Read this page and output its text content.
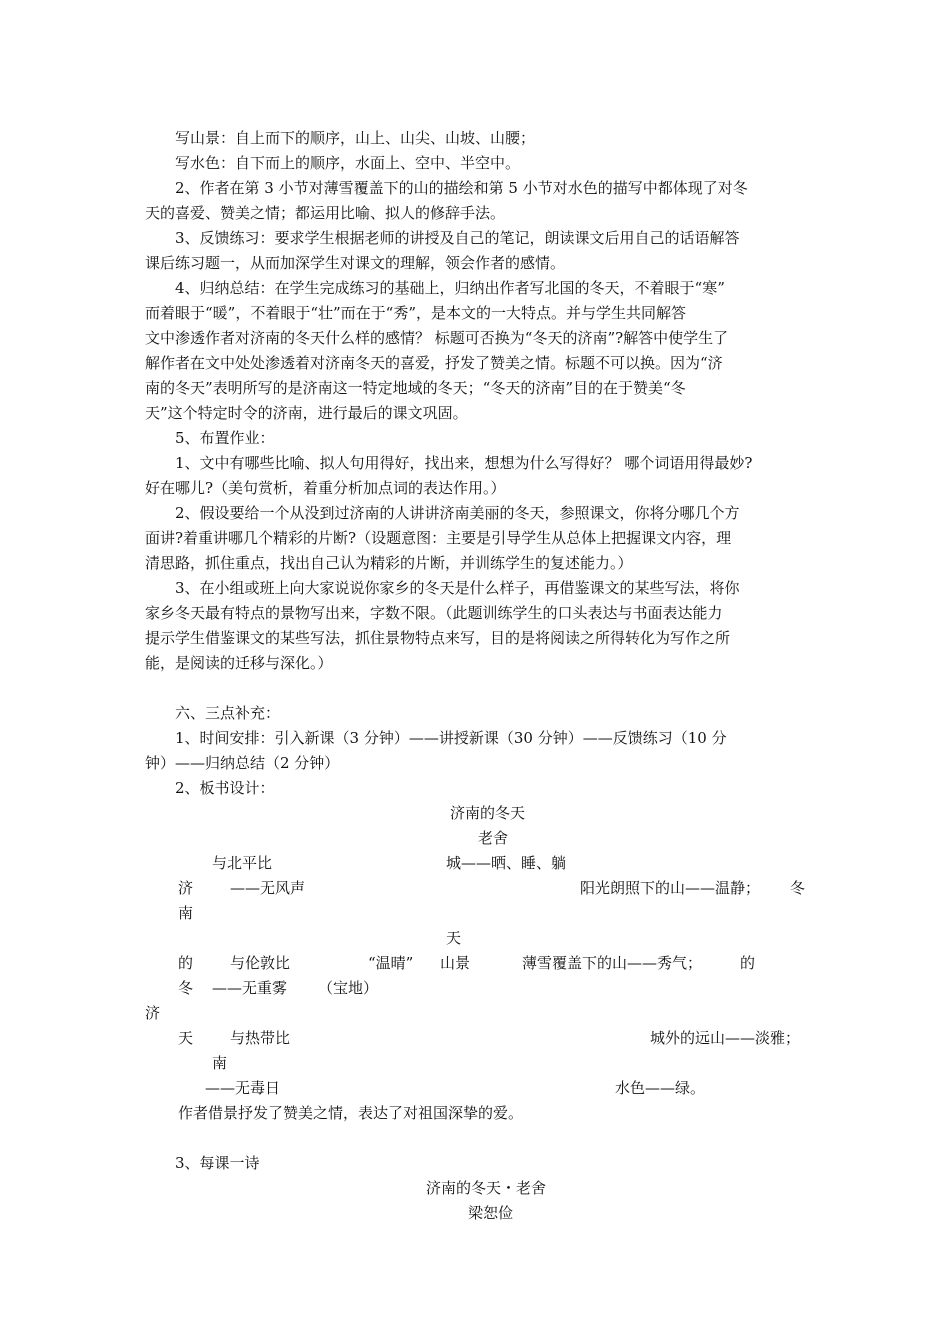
写山景：自上而下的顺序，山上、山尖、山坡、山腰；
写水色：自下而上的顺序，水面上、空中、半空中。
2、作者在第 3 小节对薄雪覆盖下的山的描绘和第 5 小节对水色的描写中都体现了对冬
天的喜爱、赞美之情；都运用比喻、拟人的修辞手法。
3、反馈练习：要求学生根据老师的讲授及自己的笔记，朗读课文后用自己的话语解答
课后练习题一，从而加深学生对课文的理解，领会作者的感情。
4、归纳总结：在学生完成练习的基础上，归纳出作者写北国的冬天，不着眼于“寒”
而着眼于“暖”，不着眼于“壮”而在于“秀”，是本文的一大特点。并与学生共同解答
文中渗透作者对济南的冬天什么样的感情？ 标题可否换为“冬天的济南”?解答中使学生了
解作者在文中处处渗透着对济南冬天的喜爱，抒发了赞美之情。标题不可以换。因为“济
南的冬天”表明所写的是济南这一特定地域的冬天；“冬天的济南”目的在于赞美“冬
天”这个特定时令的济南，进行最后的课文巩固。
5、布置作业：
1、文中有哪些比喻、拟人句用得好，找出来，想想为什么写得好？ 哪个词语用得最妙?
好在哪儿?（美句赏析，着重分析加点词的表达作用。）
2、假设要给一个从没到过济南的人讲讲济南美丽的冬天，参照课文，你将分哪几个方
面讲?着重讲哪几个精彩的片断?（设题意图：主要是引导学生从总体上把握课文内容，理
清思路，抓住重点，找出自己认为精彩的片断，并训练学生的复述能力。）
3、在小组或班上向大家说说你家乡的冬天是什么样子，再借鉴课文的某些写法，将你
家乡冬天最有特点的景物写出来，字数不限。（此题训练学生的口头表达与书面表达能力
提示学生借鉴课文的某些写法，抓住景物特点来写，目的是将阅读之所得转化为写作之所
能，是阅读的迁移与深化。）
六、三点补充：
1、时间安排：引入新课（3 分钟）——讲授新课（30 分钟）——反馈练习（10 分
钟）——归纳总结（2 分钟）
2、板书设计：
济南的冬天
老舍
与北平比	城——晒、睡、躺
济 ——无风声	阳光朗照下的山——温静； 冬
南
天
的 与伦敦比	“温晴” 山景	薄雪覆盖下的山——秀气；	的
冬 ——无重雾 （宝地）
济
天 与热带比	城外的远山——淡雅；
南
——无毒日	水色——绿。
作者借景抒发了赞美之情，表达了对祖国深挚的爱。
3、每课一诗
济南的冬天・老舍
梁恕俭
